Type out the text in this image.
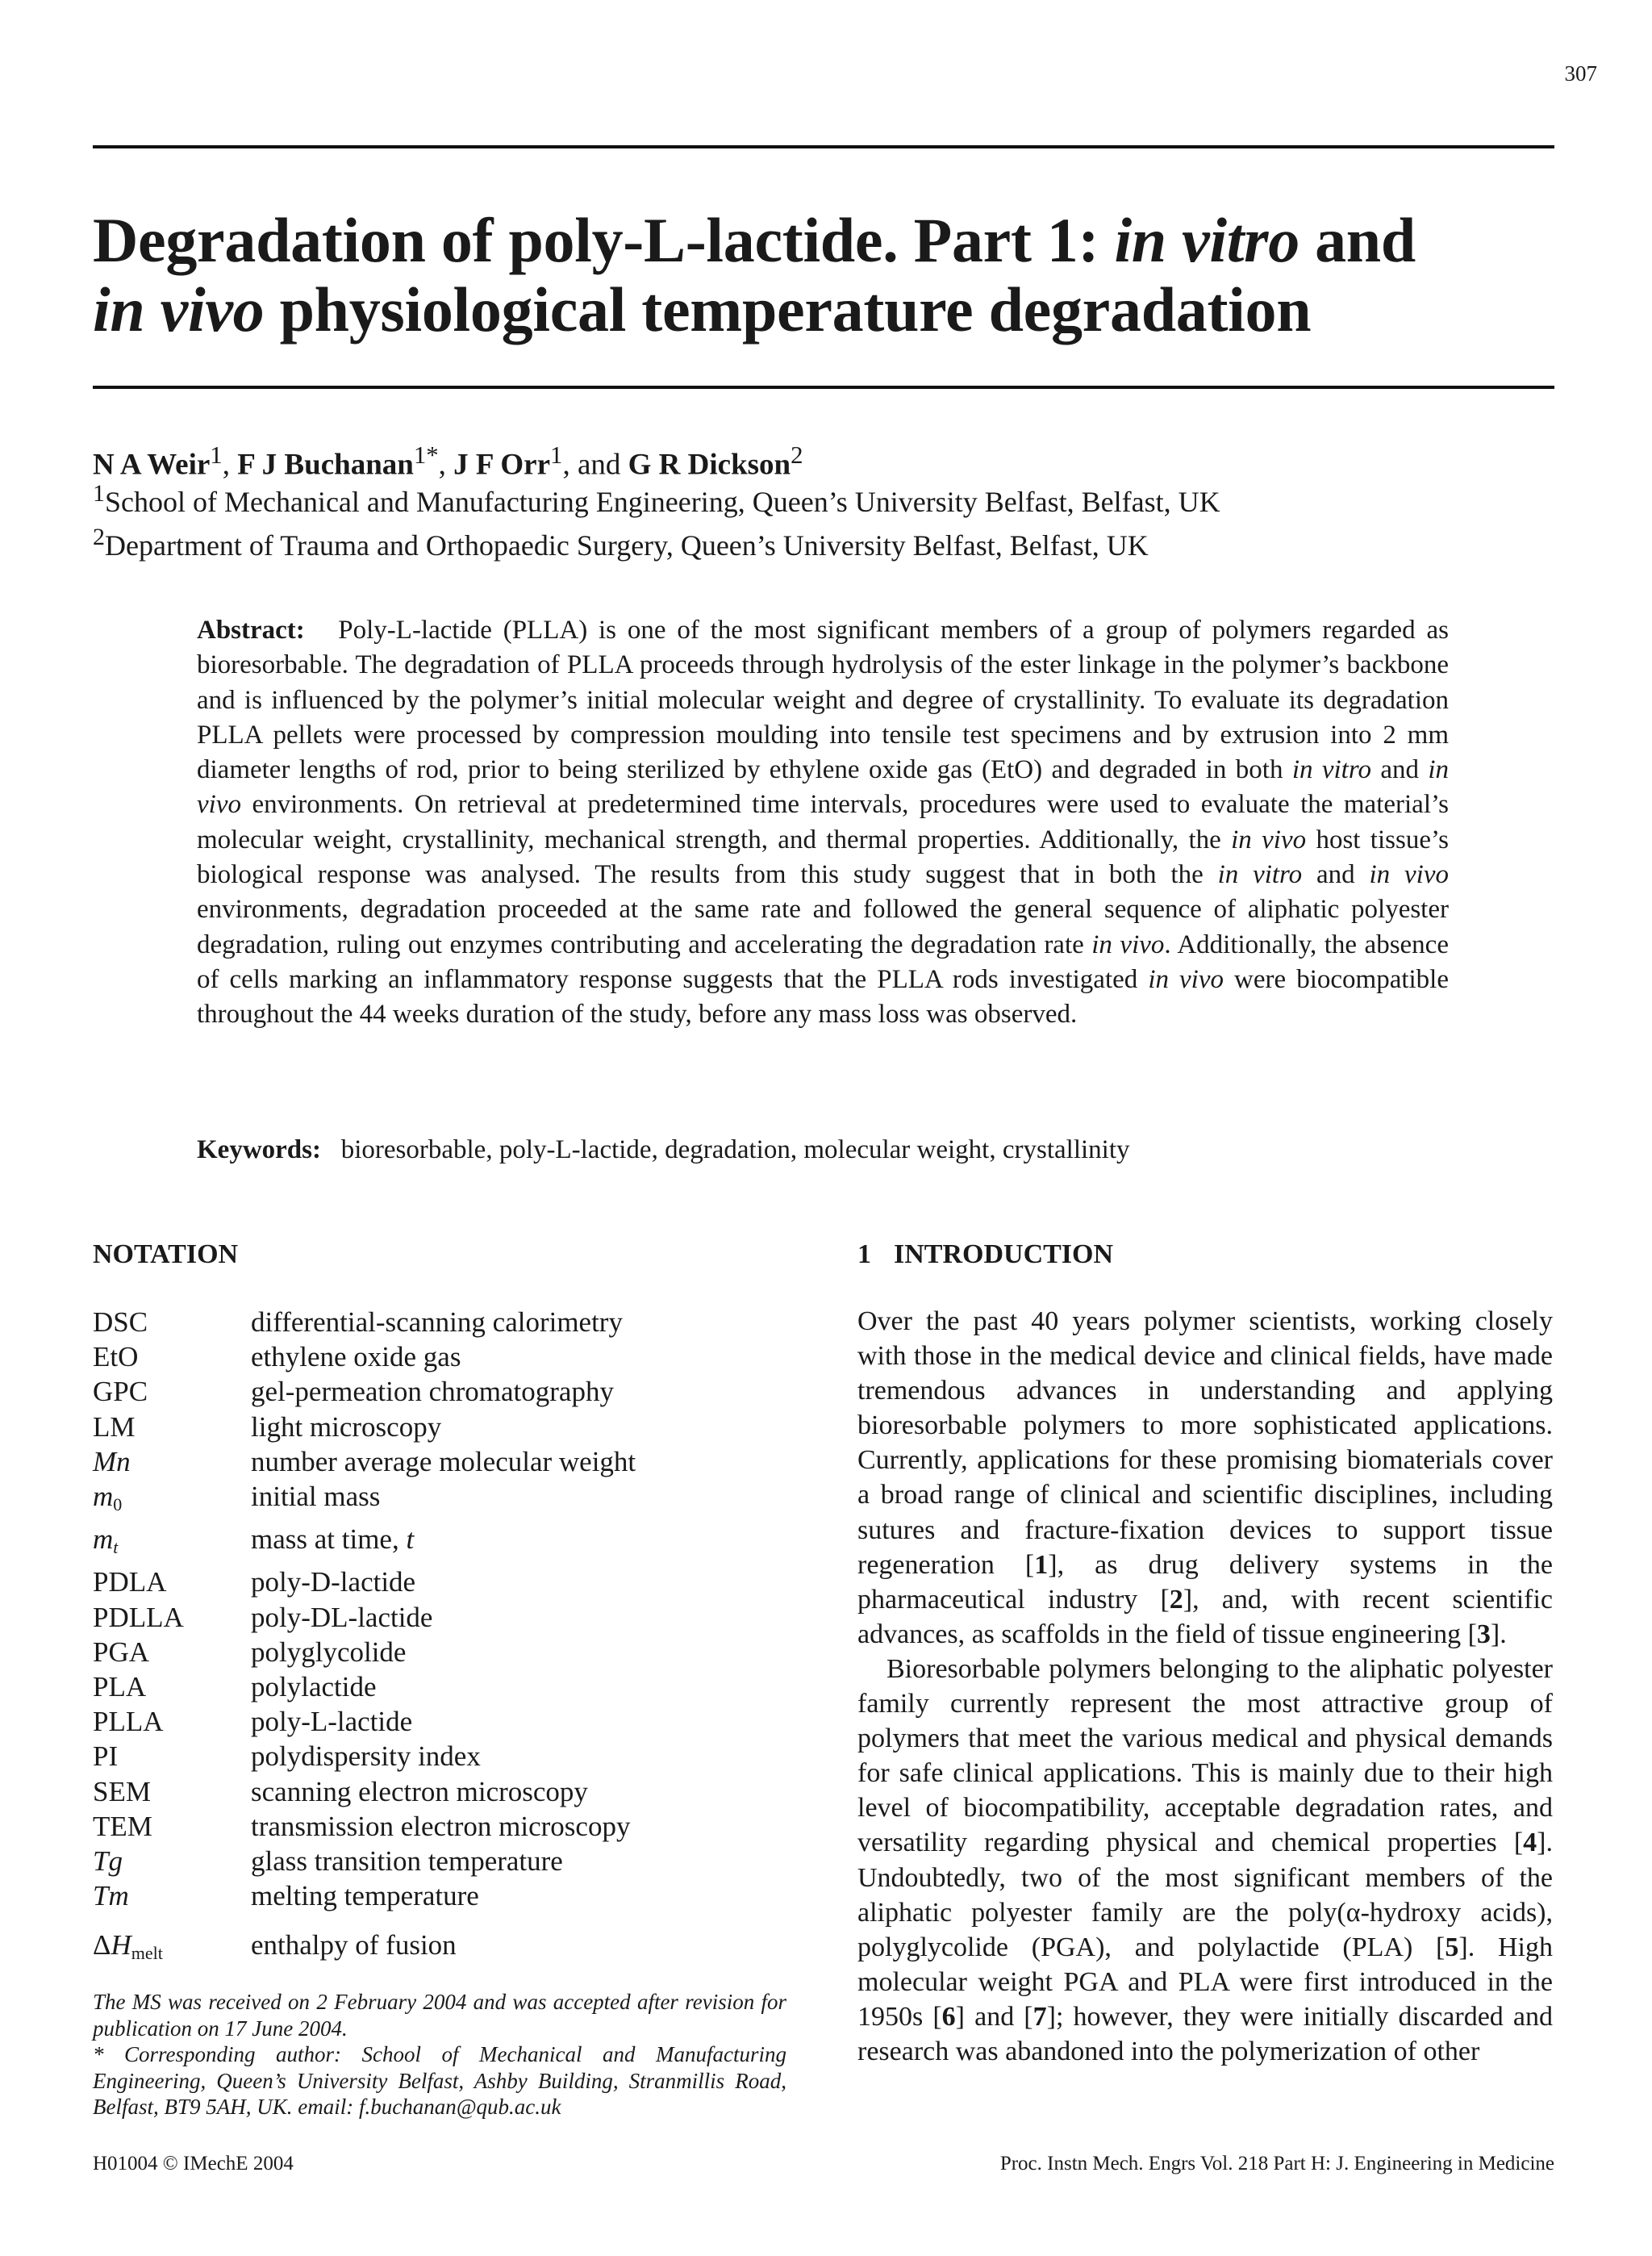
307
Degradation of poly-L-lactide. Part 1: in vitro and
in vivo physiological temperature degradation
N A Weir$^1$, F J Buchanan$^{1*}$, J F Orr$^1$, and G R Dickson$^2$
$^1$School of Mechanical and Manufacturing Engineering, Queen’s University Belfast, Belfast, UK
$^2$Department of Trauma and Orthopaedic Surgery, Queen’s University Belfast, Belfast, UK
Abstract: Poly-L-lactide (PLLA) is one of the most significant members of a group of polymers regarded as bioresorbable. The degradation of PLLA proceeds through hydrolysis of the ester linkage in the polymer’s backbone and is influenced by the polymer’s initial molecular weight and degree of crystallinity. To evaluate its degradation PLLA pellets were processed by compression moulding into tensile test specimens and by extrusion into 2 mm diameter lengths of rod, prior to being sterilized by ethylene oxide gas (EtO) and degraded in both in vitro and in vivo environments. On retrieval at predetermined time intervals, procedures were used to evaluate the material’s molecular weight, crystallinity, mechanical strength, and thermal properties. Additionally, the in vivo host tissue’s biological response was analysed. The results from this study suggest that in both the in vitro and in vivo environments, degradation proceeded at the same rate and followed the general sequence of aliphatic polyester degradation, ruling out enzymes contributing and accelerating the degradation rate in vivo. Additionally, the absence of cells marking an inflammatory response suggests that the PLLA rods investigated in vivo were biocompatible throughout the 44 weeks duration of the study, before any mass loss was observed.
Keywords: bioresorbable, poly-L-lactide, degradation, molecular weight, crystallinity
NOTATION
DSC	differential-scanning calorimetry
EtO	ethylene oxide gas
GPC	gel-permeation chromatography
LM	light microscopy
Mn	number average molecular weight
$m_0$	initial mass
$m_t$	mass at time, t
PDLA	poly-D-lactide
PDLLA	poly-DL-lactide
PGA	polyglycolide
PLA	polylactide
PLLA	poly-L-lactide
PI	polydispersity index
SEM	scanning electron microscopy
TEM	transmission electron microscopy
Tg	glass transition temperature
Tm	melting temperature
$\Delta H_{melt}$	enthalpy of fusion
The MS was received on 2 February 2004 and was accepted after revision for publication on 17 June 2004.
* Corresponding author: School of Mechanical and Manufacturing Engineering, Queen’s University Belfast, Ashby Building, Stranmillis Road, Belfast, BT9 5AH, UK. email: f.buchanan@qub.ac.uk
1 INTRODUCTION

Over the past 40 years polymer scientists, working closely with those in the medical device and clinical fields, have made tremendous advances in understanding and applying bioresorbable polymers to more sophisticated applications. Currently, applications for these promising biomaterials cover a broad range of clinical and scientific disciplines, including sutures and fracture-fixation devices to support tissue regeneration [1], as drug delivery systems in the pharmaceutical industry [2], and, with recent scientific advances, as scaffolds in the field of tissue engineering [3].

Bioresorbable polymers belonging to the aliphatic polyester family currently represent the most attractive group of polymers that meet the various medical and physical demands for safe clinical applications. This is mainly due to their high level of biocompatibility, acceptable degradation rates, and versatility regarding physical and chemical properties [4]. Undoubtedly, two of the most significant members of the aliphatic polyester family are the poly(α-hydroxy acids), polyglycolide (PGA), and polylactide (PLA) [5]. High molecular weight PGA and PLA were first introduced in the 1950s [6] and [7]; however, they were initially discarded and research was abandoned into the polymerization of other

H01004 © IMechE 2004	Proc. Instn Mech. Engrs Vol. 218 Part H: J. Engineering in Medicine
